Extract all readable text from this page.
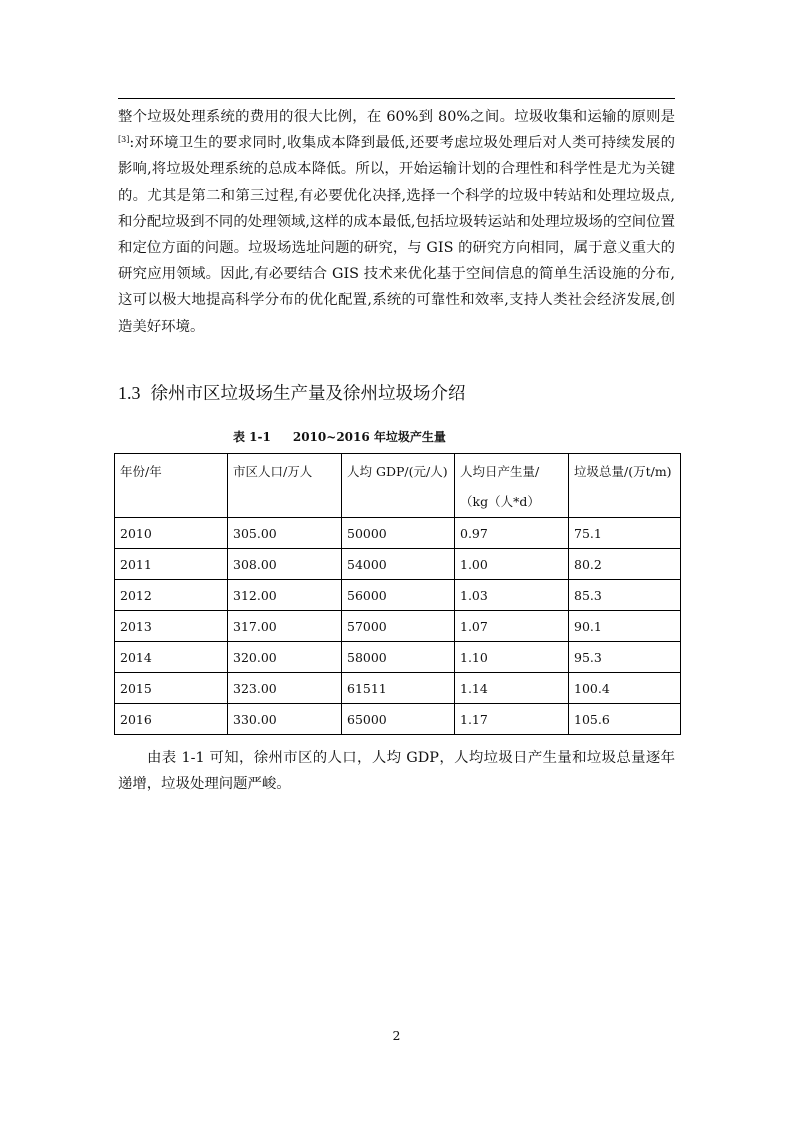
整个垃圾处理系统的费用的很大比例，在 60%到 80%之间。垃圾收集和运输的原则是[3]:对环境卫生的要求同时,收集成本降到最低,还要考虑垃圾处理后对人类可持续发展的影响,将垃圾处理系统的总成本降低。所以，开始运输计划的合理性和科学性是尤为关键的。尤其是第二和第三过程,有必要优化决择,选择一个科学的垃圾中转站和处理垃圾点,和分配垃圾到不同的处理领域,这样的成本最低,包括垃圾转运站和处理垃圾场的空间位置和定位方面的问题。垃圾场选址问题的研究，与 GIS 的研究方向相同，属于意义重大的研究应用领域。因此,有必要结合 GIS 技术来优化基于空间信息的简单生活设施的分布,这可以极大地提高科学分布的优化配置,系统的可靠性和效率,支持人类社会经济发展,创造美好环境。

1.3 徐州市区垃圾场生产量及徐州垃圾场介绍

表 1-1 2010~2016 年垃圾产生量

年份/年	市区人口/万人	人均 GDP/(元/人)	人均日产生量/（kg（人*d）	垃圾总量/(万t/m)
2010	305.00	50000	0.97	75.1
2011	308.00	54000	1.00	80.2
2012	312.00	56000	1.03	85.3
2013	317.00	57000	1.07	90.1
2014	320.00	58000	1.10	95.3
2015	323.00	61511	1.14	100.4
2016	330.00	65000	1.17	105.6

由表 1-1 可知，徐州市区的人口，人均 GDP，人均垃圾日产生量和垃圾总量逐年递增，垃圾处理问题严峻。

2
